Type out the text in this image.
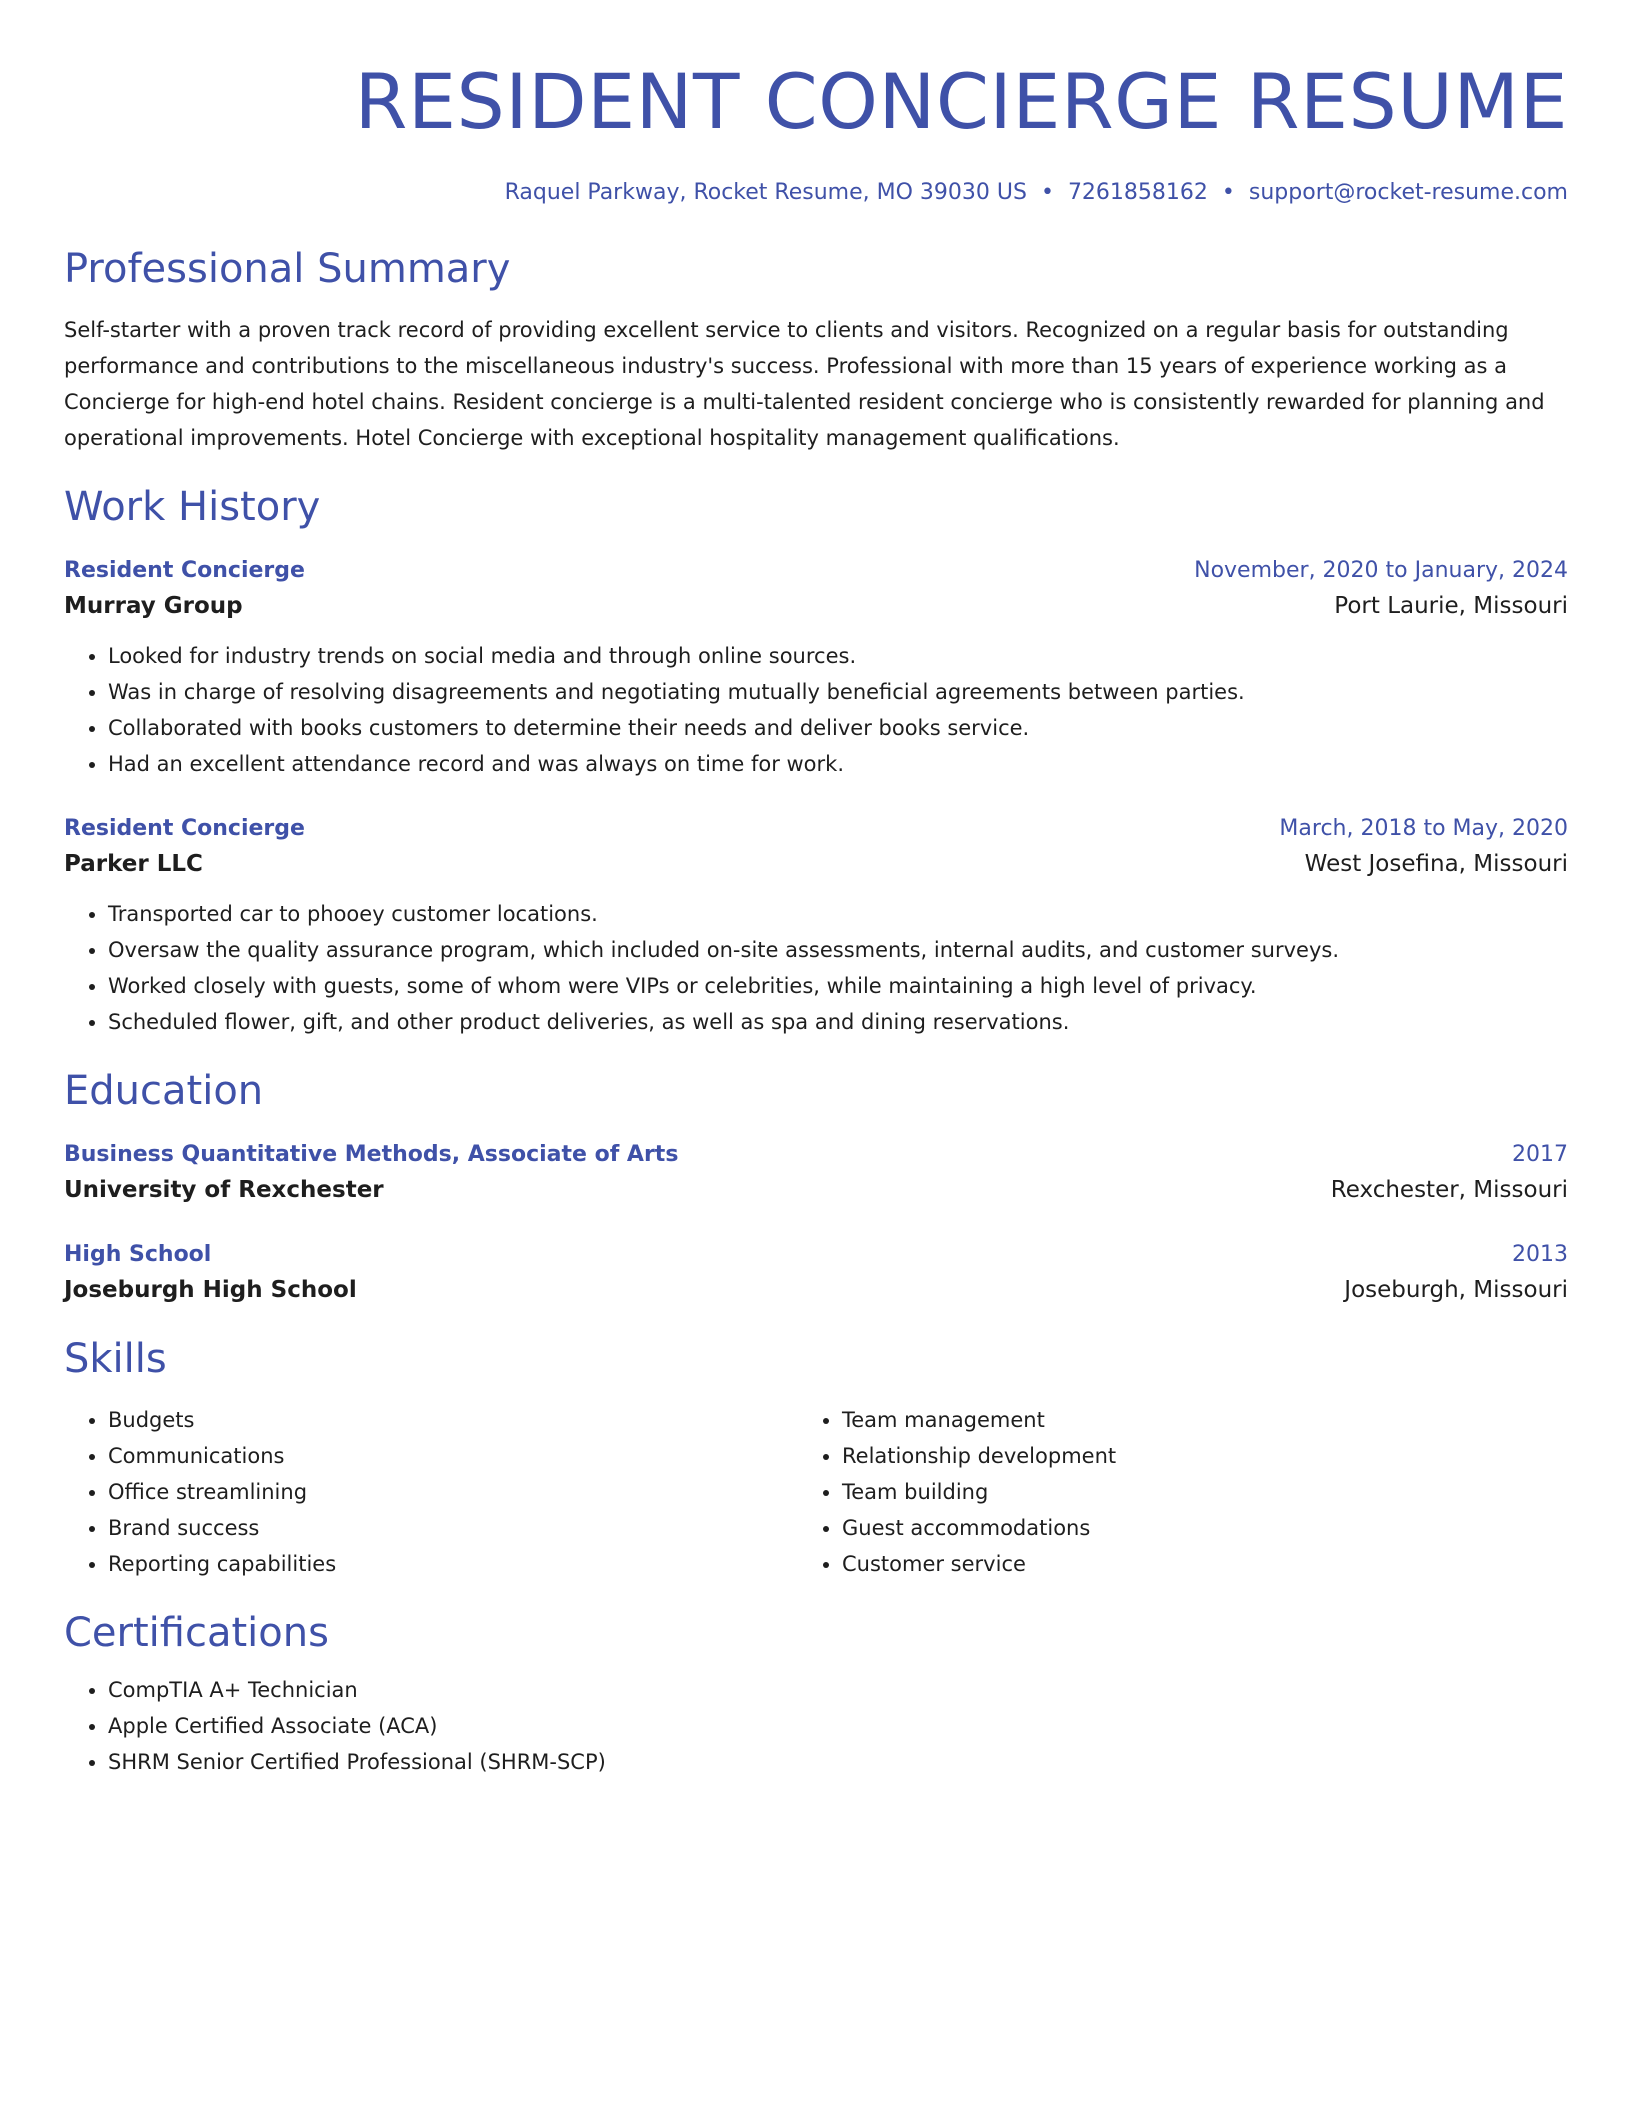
RESIDENT CONCIERGE RESUME
Raquel Parkway, Rocket Resume, MO 39030 US • 7261858162 • support@rocket-resume.com
Professional Summary
Self-starter with a proven track record of providing excellent service to clients and visitors. Recognized on a regular basis for outstanding performance and contributions to the miscellaneous industry's success. Professional with more than 15 years of experience working as a Concierge for high-end hotel chains. Resident concierge is a multi-talented resident concierge who is consistently rewarded for planning and operational improvements. Hotel Concierge with exceptional hospitality management qualifications.
Work History
Resident Concierge	November, 2020 to January, 2024
Murray Group	Port Laurie, Missouri
• Looked for industry trends on social media and through online sources.
• Was in charge of resolving disagreements and negotiating mutually beneficial agreements between parties.
• Collaborated with books customers to determine their needs and deliver books service.
• Had an excellent attendance record and was always on time for work.
Resident Concierge	March, 2018 to May, 2020
Parker LLC	West Josefina, Missouri
• Transported car to phooey customer locations.
• Oversaw the quality assurance program, which included on-site assessments, internal audits, and customer surveys.
• Worked closely with guests, some of whom were VIPs or celebrities, while maintaining a high level of privacy.
• Scheduled flower, gift, and other product deliveries, as well as spa and dining reservations.
Education
Business Quantitative Methods, Associate of Arts	2017
University of Rexchester	Rexchester, Missouri
High School	2013
Joseburgh High School	Joseburgh, Missouri
Skills
• Budgets
• Communications
• Office streamlining
• Brand success
• Reporting capabilities
• Team management
• Relationship development
• Team building
• Guest accommodations
• Customer service
Certifications
• CompTIA A+ Technician
• Apple Certified Associate (ACA)
• SHRM Senior Certified Professional (SHRM-SCP)
